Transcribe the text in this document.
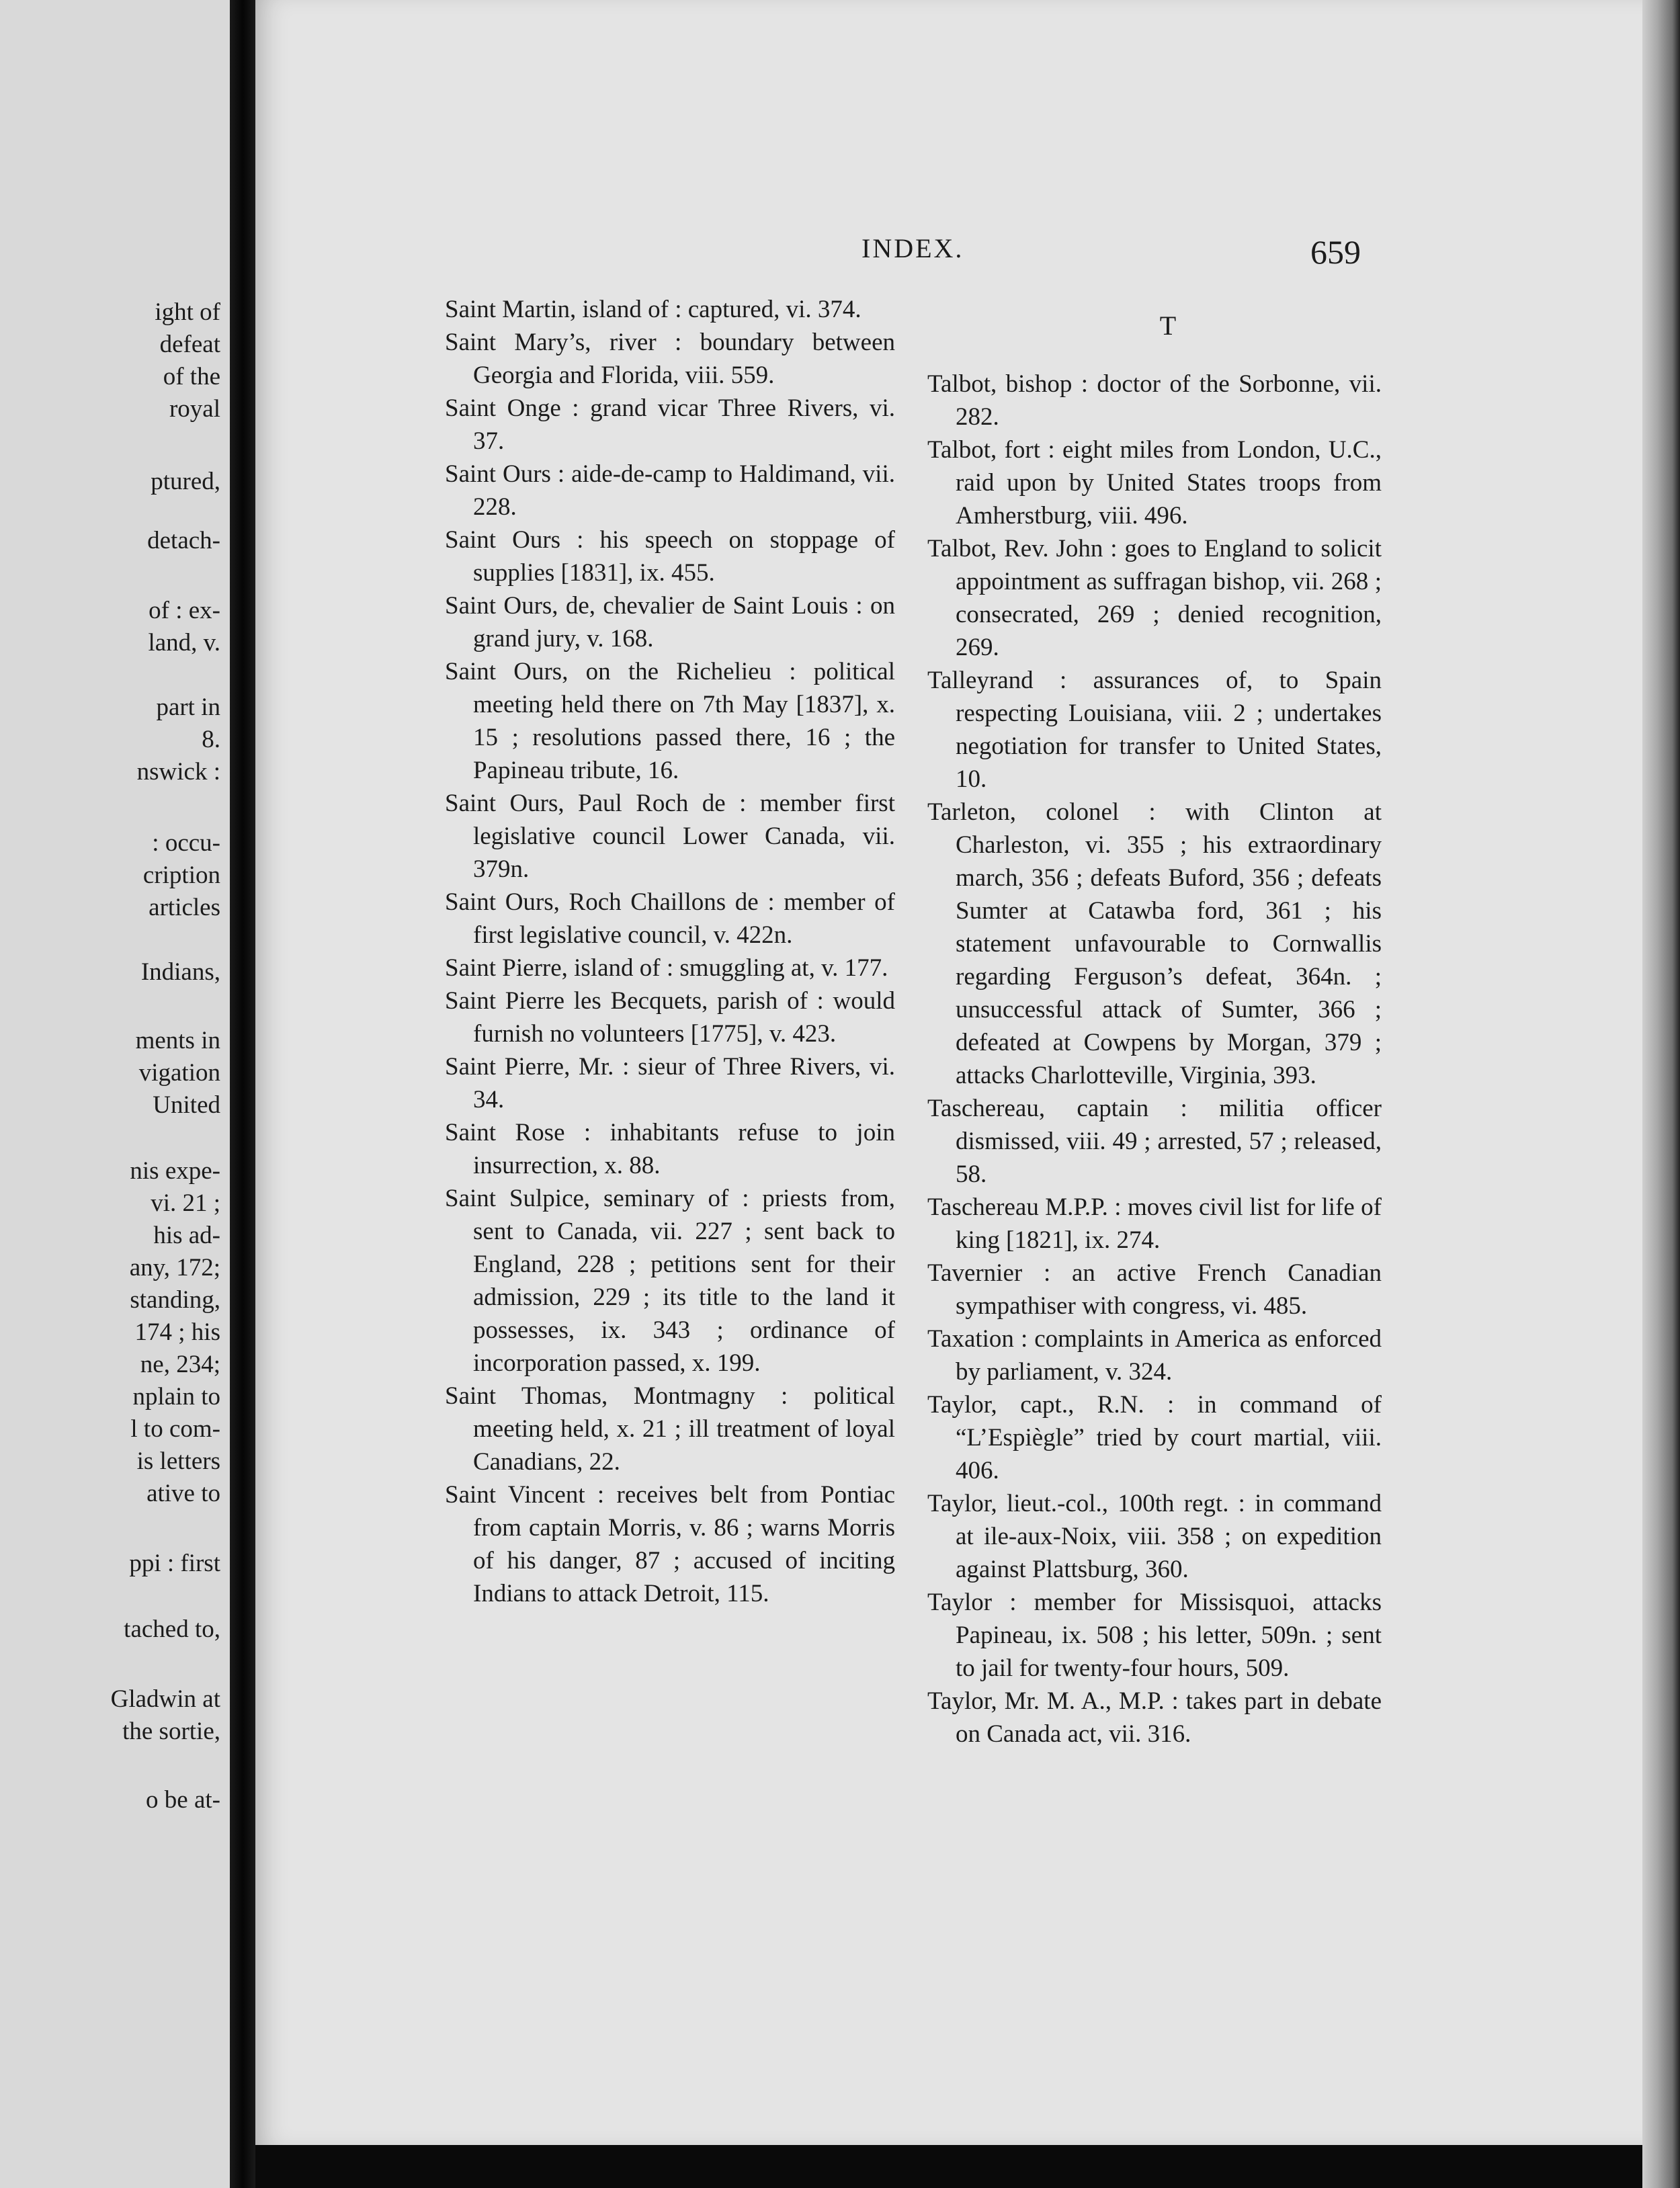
ight of
defeat
of the
royal
ptured,
detach-
of : ex-
land, v.
part in
8.
nswick :
: occu-
cription
articles
Indians,
ments in
vigation
United
nis expe-
vi. 21 ;
his ad-
any, 172;
standing,
174 ; his
ne, 234;
nplain to
l to com-
is letters
ative to
ppi : first
tached to,
Gladwin at
the sortie,
o be at-
INDEX.	659

Saint Martin, island of : captured, vi. 374.

Saint Mary’s, river : boundary between Georgia and Florida, viii. 559.

Saint Onge : grand vicar Three Rivers, vi. 37.

Saint Ours : aide-de-camp to Haldimand, vii. 228.

Saint Ours : his speech on stoppage of supplies [1831], ix. 455.

Saint Ours, de, chevalier de Saint Louis : on grand jury, v. 168.

Saint Ours, on the Richelieu : political meeting held there on 7th May [1837], x. 15 ; resolutions passed there, 16 ; the Papineau tribute, 16.

Saint Ours, Paul Roch de : member first legislative council Lower Canada, vii. 379n.

Saint Ours, Roch Chaillons de : member of first legislative council, v. 422n.

Saint Pierre, island of : smuggling at, v. 177.

Saint Pierre les Becquets, parish of : would furnish no volunteers [1775], v. 423.

Saint Pierre, Mr. : sieur of Three Rivers, vi. 34.

Saint Rose : inhabitants refuse to join insurrection, x. 88.

Saint Sulpice, seminary of : priests from, sent to Canada, vii. 227 ; sent back to England, 228 ; petitions sent for their admission, 229 ; its title to the land it possesses, ix. 343 ; ordinance of incorporation passed, x. 199.

Saint Thomas, Montmagny : political meeting held, x. 21 ; ill treatment of loyal Canadians, 22.

Saint Vincent : receives belt from Pontiac from captain Morris, v. 86 ; warns Morris of his danger, 87 ; accused of inciting Indians to attack Detroit, 115.

T

Talbot, bishop : doctor of the Sorbonne, vii. 282.

Talbot, fort : eight miles from London, U.C., raid upon by United States troops from Amherstburg, viii. 496.

Talbot, Rev. John : goes to England to solicit appointment as suffragan bishop, vii. 268 ; consecrated, 269 ; denied recognition, 269.

Talleyrand : assurances of, to Spain respecting Louisiana, viii. 2 ; undertakes negotiation for transfer to United States, 10.

Tarleton, colonel : with Clinton at Charleston, vi. 355 ; his extraordinary march, 356 ; defeats Buford, 356 ; defeats Sumter at Catawba ford, 361 ; his statement unfavourable to Cornwallis regarding Ferguson’s defeat, 364n. ; unsuccessful attack of Sumter, 366 ; defeated at Cowpens by Morgan, 379 ; attacks Charlotteville, Virginia, 393.

Taschereau, captain : militia officer dismissed, viii. 49 ; arrested, 57 ; released, 58.

Taschereau M.P.P. : moves civil list for life of king [1821], ix. 274.

Tavernier : an active French Canadian sympathiser with congress, vi. 485.

Taxation : complaints in America as enforced by parliament, v. 324.

Taylor, capt., R.N. : in command of “L’Espiègle” tried by court martial, viii. 406.

Taylor, lieut.-col., 100th regt. : in command at ile-aux-Noix, viii. 358 ; on expedition against Plattsburg, 360.

Taylor : member for Missisquoi, attacks Papineau, ix. 508 ; his letter, 509n. ; sent to jail for twenty-four hours, 509.

Taylor, Mr. M. A., M.P. : takes part in debate on Canada act, vii. 316.
